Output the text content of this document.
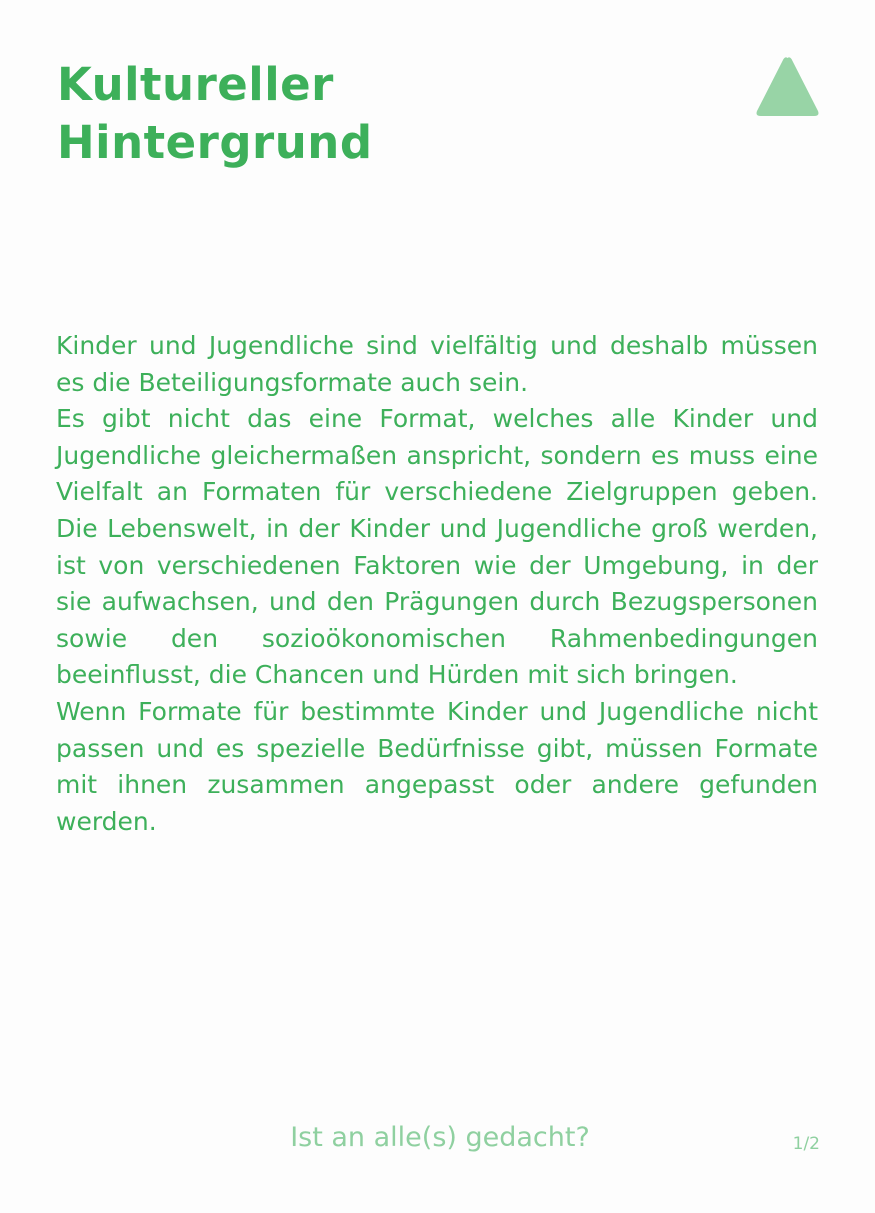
Kultureller
Hintergrund

Kinder und Jugendliche sind vielfältig und deshalb müssen es die Beteiligungsformate auch sein.

Es gibt nicht das eine Format, welches alle Kinder und Jugendliche gleichermaßen anspricht, sondern es muss eine Vielfalt an Formaten für verschiedene Zielgruppen geben. Die Lebenswelt, in der Kinder und Jugendliche groß werden, ist von verschiedenen Faktoren wie der Umgebung, in der sie aufwachsen, und den Prägungen durch Bezugspersonen sowie den sozioökonomischen Rahmenbedingungen beeinflusst, die Chancen und Hürden mit sich bringen.

Wenn Formate für bestimmte Kinder und Jugendliche nicht passen und es spezielle Bedürfnisse gibt, müssen Formate mit ihnen zusammen angepasst oder andere gefunden werden.

Ist an alle(s) gedacht?	1/2
